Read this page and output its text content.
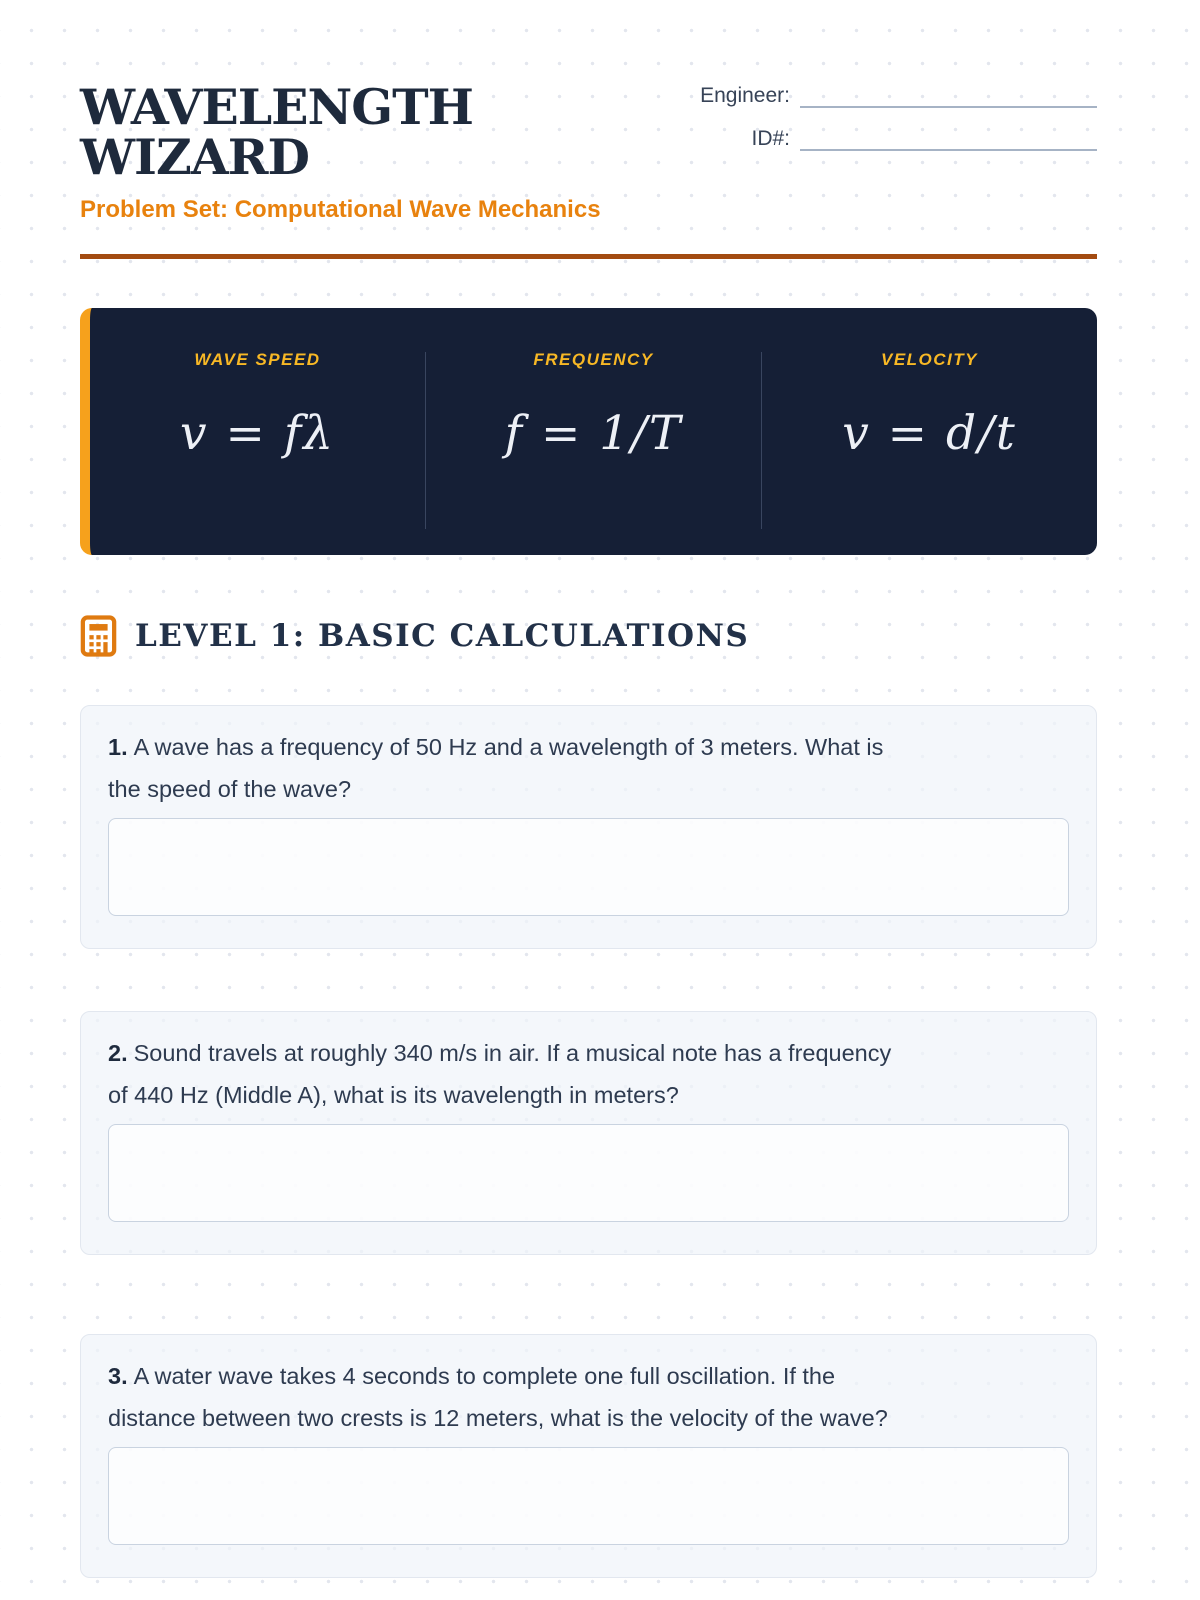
WAVELENGTH WIZARD
Problem Set: Computational Wave Mechanics
Engineer:
ID#:
WAVE SPEED
v = fλ
FREQUENCY
f = 1/T
VELOCITY
v = d/t
LEVEL 1: BASIC CALCULATIONS
1. A wave has a frequency of 50 Hz and a wavelength of 3 meters. What is
the speed of the wave?
2. Sound travels at roughly 340 m/s in air. If a musical note has a frequency
of 440 Hz (Middle A), what is its wavelength in meters?
3. A water wave takes 4 seconds to complete one full oscillation. If the
distance between two crests is 12 meters, what is the velocity of the wave?
